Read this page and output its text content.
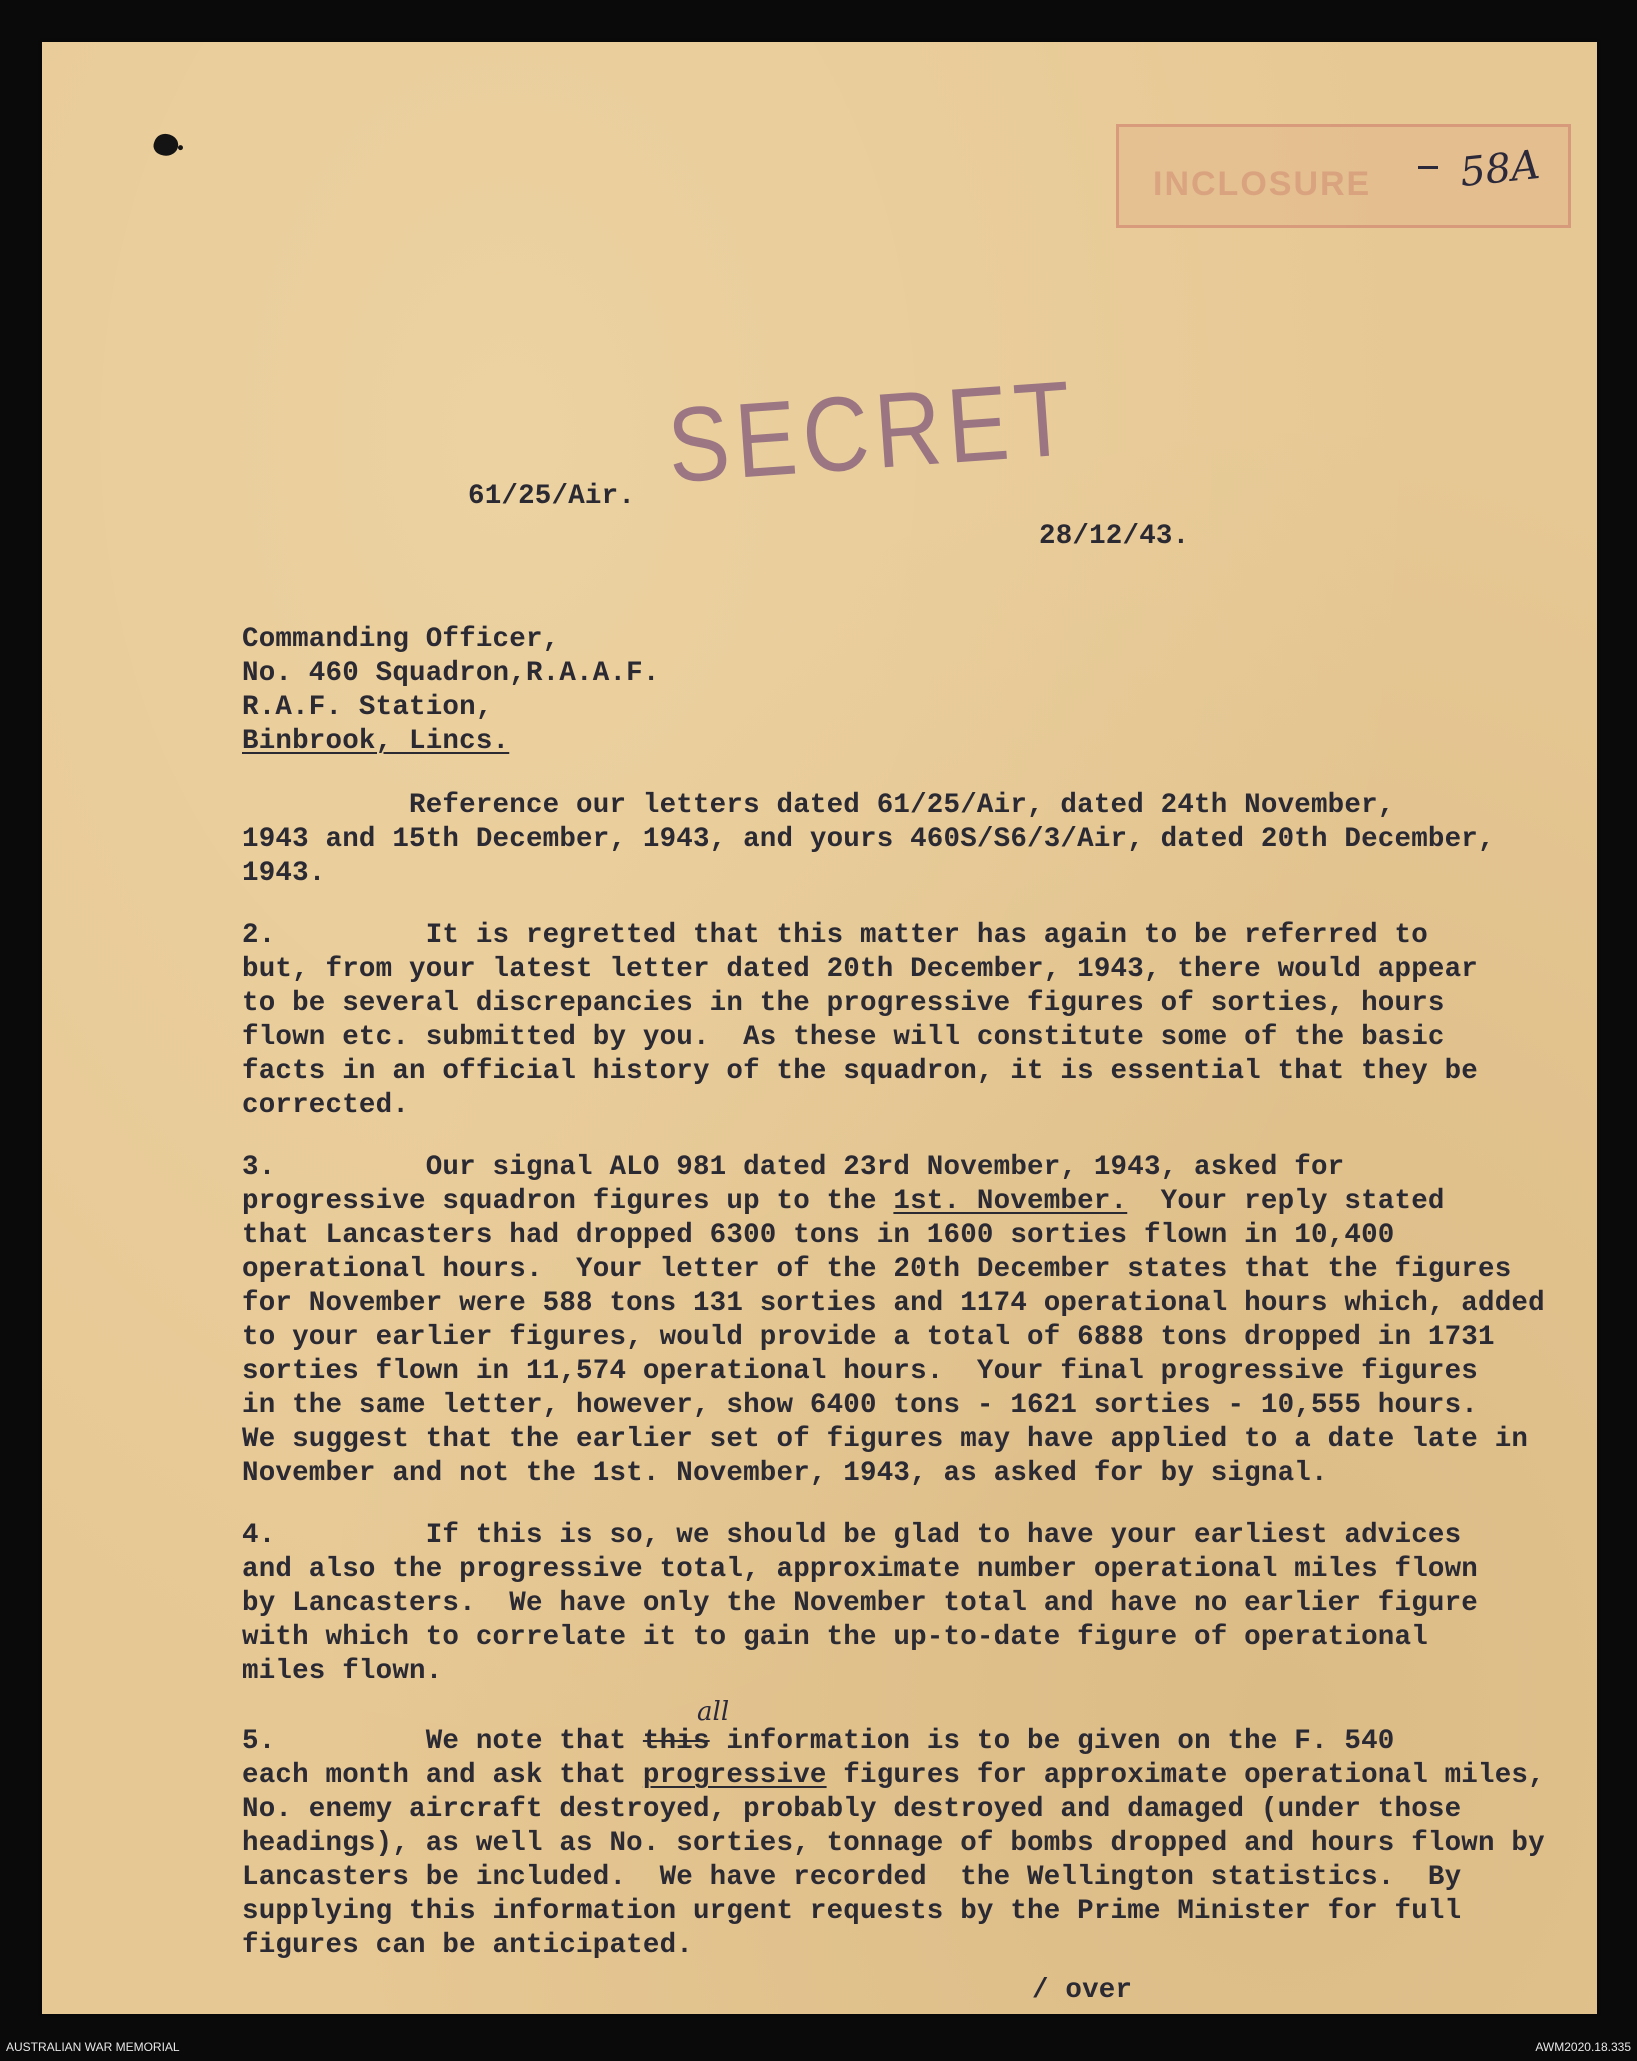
INCLOSURE 58A
SECRET
61/25/Air.
28/12/43.
Commanding Officer,
No. 460 Squadron,R.A.A.F.
R.A.F. Station,
Binbrook, Lincs.
Reference our letters dated 61/25/Air, dated 24th November,
1943 and 15th December, 1943, and yours 460S/S6/3/Air, dated 20th December,
1943.
2.         It is regretted that this matter has again to be referred to
but, from your latest letter dated 20th December, 1943, there would appear
to be several discrepancies in the progressive figures of sorties, hours
flown etc. submitted by you.  As these will constitute some of the basic
facts in an official history of the squadron, it is essential that they be
corrected.
3.         Our signal ALO 981 dated 23rd November, 1943, asked for
progressive squadron figures up to the 1st. November.  Your reply stated
that Lancasters had dropped 6300 tons in 1600 sorties flown in 10,400
operational hours.  Your letter of the 20th December states that the figures
for November were 588 tons 131 sorties and 1174 operational hours which, added
to your earlier figures, would provide a total of 6888 tons dropped in 1731
sorties flown in 11,574 operational hours.  Your final progressive figures
in the same letter, however, show 6400 tons - 1621 sorties - 10,555 hours.
We suggest that the earlier set of figures may have applied to a date late in
November and not the 1st. November, 1943, as asked for by signal.
4.         If this is so, we should be glad to have your earliest advices
and also the progressive total, approximate number operational miles flown
by Lancasters.  We have only the November total and have no earlier figure
with which to correlate it to gain the up-to-date figure of operational
miles flown.
all
5.         We note that this information is to be given on the F. 540
each month and ask that progressive figures for approximate operational miles,
No. enemy aircraft destroyed, probably destroyed and damaged (under those
headings), as well as No. sorties, tonnage of bombs dropped and hours flown by
Lancasters be included.  We have recorded  the Wellington statistics.  By
supplying this information urgent requests by the Prime Minister for full
figures can be anticipated.
/ over
AUSTRALIAN WAR MEMORIAL	AWM2020.18.335
